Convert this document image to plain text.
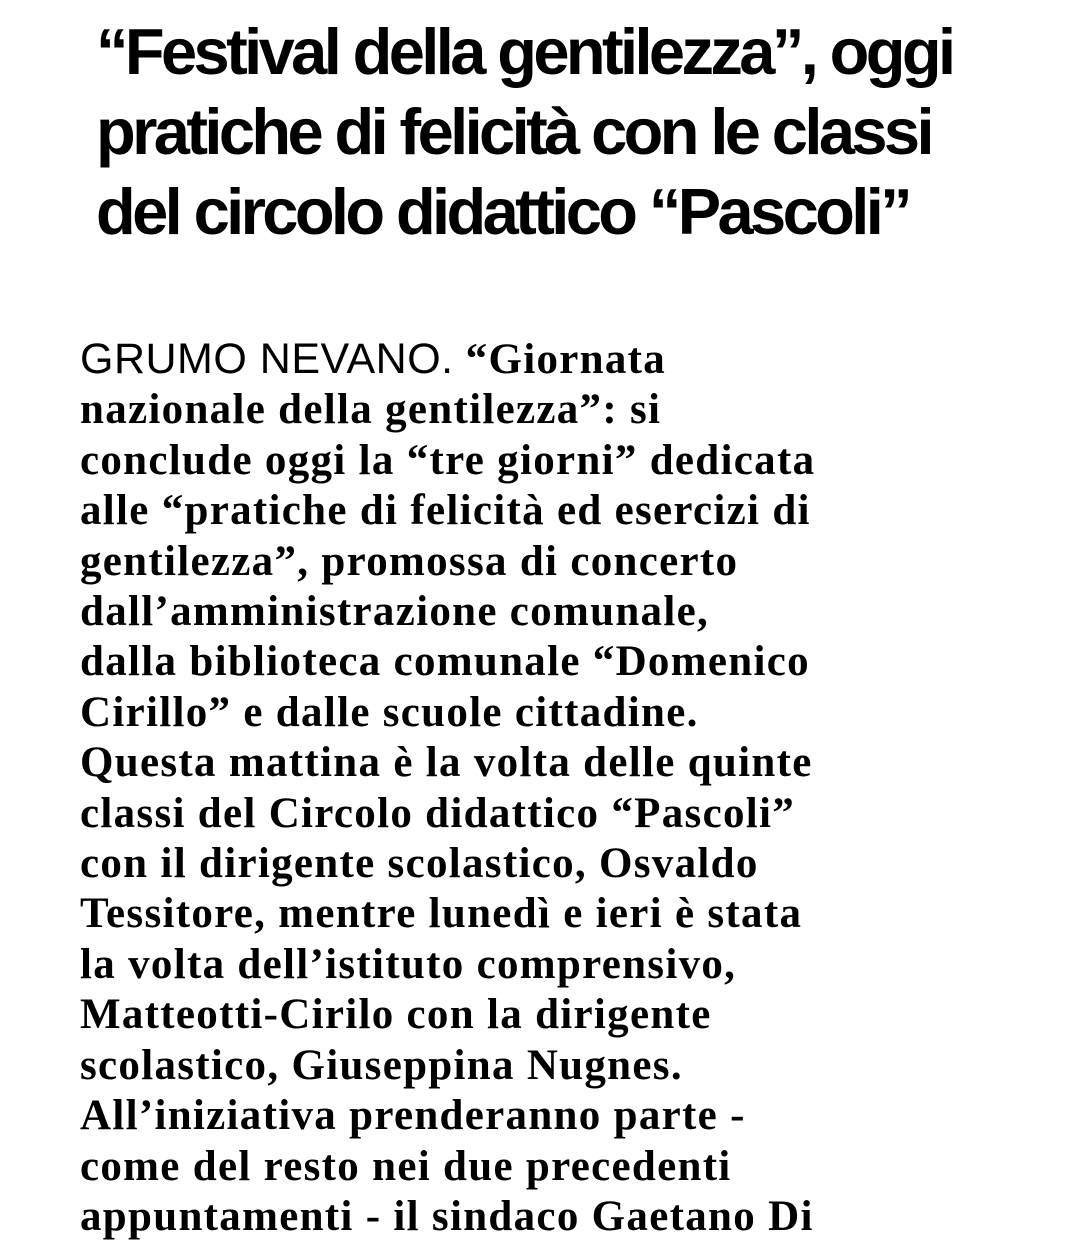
“Festival della gentilezza”, oggi
pratiche di felicità con le classi
del circolo didattico “Pascoli”
GRUMO NEVANO. “Giornata
nazionale della gentilezza”: si
conclude oggi la “tre giorni” dedicata
alle “pratiche di felicità ed esercizi di
gentilezza”, promossa di concerto
dall’amministrazione comunale,
dalla biblioteca comunale “Domenico
Cirillo” e dalle scuole cittadine.
Questa mattina è la volta delle quinte
classi del Circolo didattico “Pascoli”
con il dirigente scolastico, Osvaldo
Tessitore, mentre lunedì e ieri è stata
la volta dell’istituto comprensivo,
Matteotti-Cirilo con la dirigente
scolastico, Giuseppina Nugnes.
All’iniziativa prenderanno parte -
come del resto nei due precedenti
appuntamenti - il sindaco Gaetano Di
